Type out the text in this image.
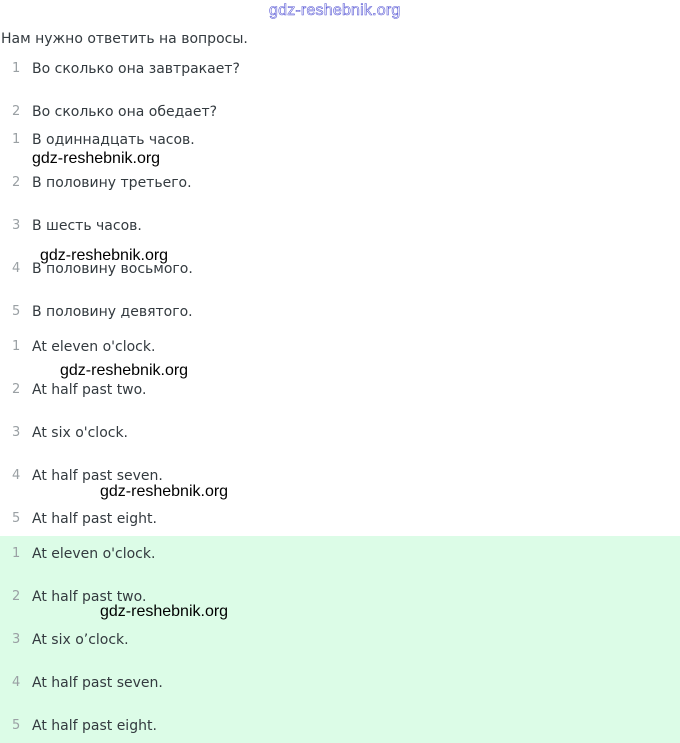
gdz-reshebnik.org
Нам нужно ответить на вопросы.
1 Во сколько она завтракает?
2 Во сколько она обедает?
1 В одиннадцать часов.
2 В половину третьего.
3 В шесть часов.
4 В половину восьмого.
5 В половину девятого.
1 At eleven o'clock.
2 At half past two.
3 At six o'clock.
4 At half past seven.
5 At half past eight.
1 At eleven o'clock.
2 At half past two.
3 At six o’clock.
4 At half past seven.
5 At half past eight.
gdz-reshebnik.org
gdz-reshebnik.org
gdz-reshebnik.org
gdz-reshebnik.org
gdz-reshebnik.org
